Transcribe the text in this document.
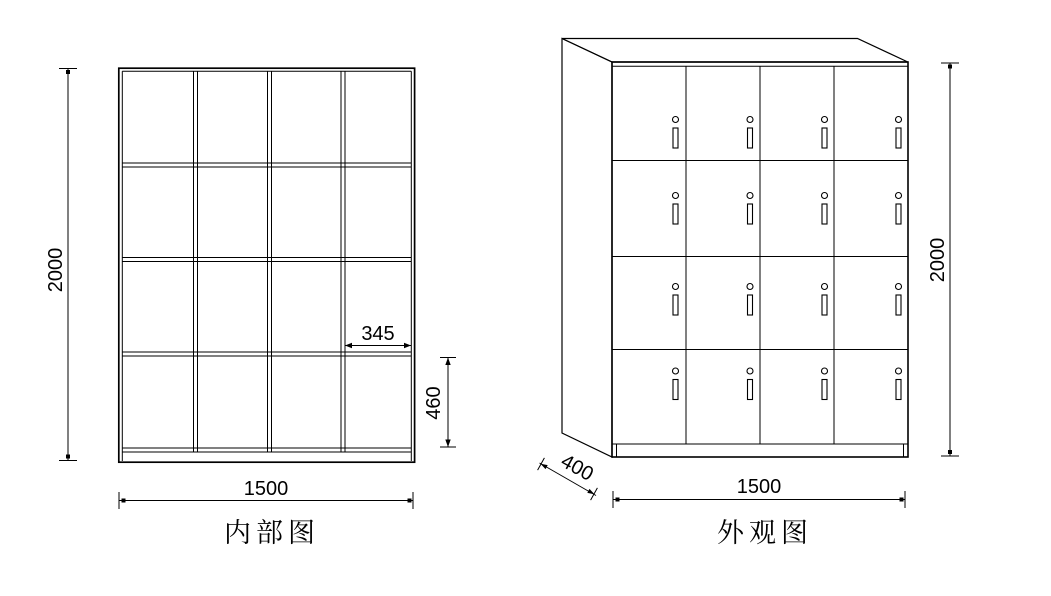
2000
1500
345
460
2000
1500
400
内部图	外观图
